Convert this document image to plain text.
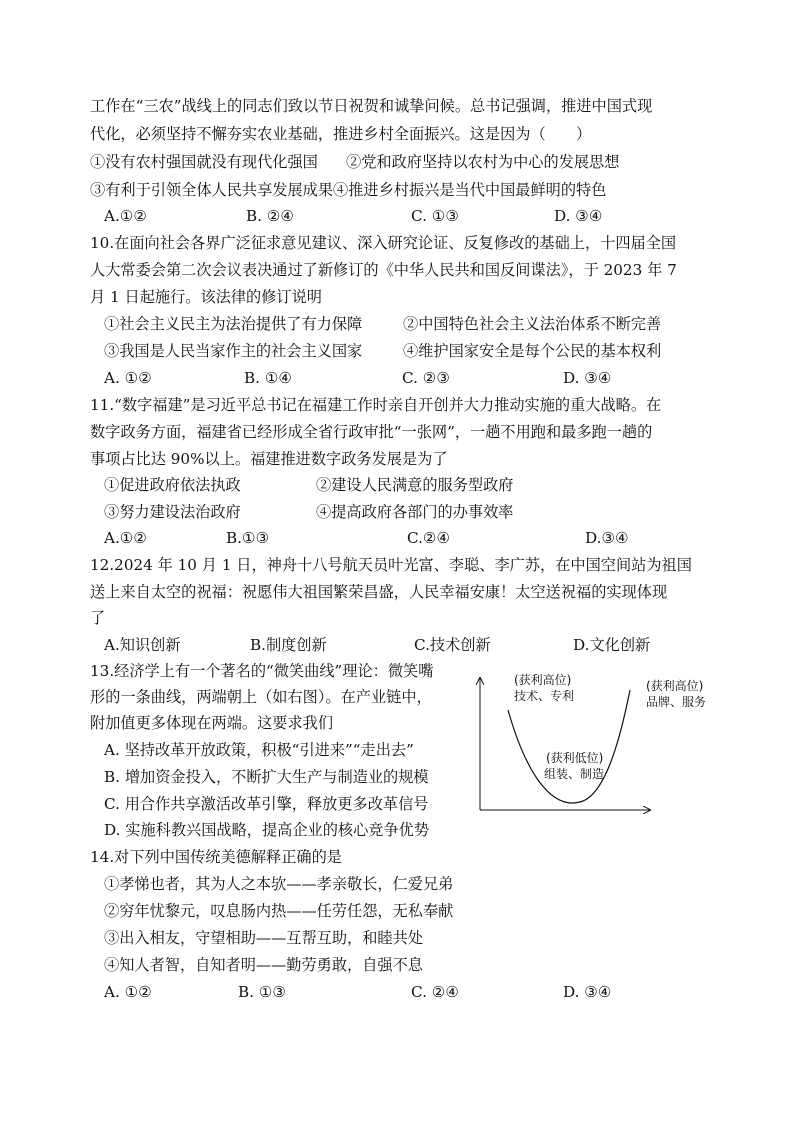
工作在“三农”战线上的同志们致以节日祝贺和诚挚问候。总书记强调，推进中国式现
代化，必须坚持不懈夯实农业基础，推进乡村全面振兴。这是因为（　　）
①没有农村强国就没有现代化强国 ②党和政府坚持以农村为中心的发展思想
③有利于引领全体人民共享发展成果④推进乡村振兴是当代中国最鲜明的特色
A.①②	B. ②④	C. ①③	D. ③④
10.在面向社会各界广泛征求意见建议、深入研究论证、反复修改的基础上，十四届全国
人大常委会第二次会议表决通过了新修订的《中华人民共和国反间谍法》，于 2023 年 7
月 1 日起施行。该法律的修订说明
①社会主义民主为法治提供了有力保障	②中国特色社会主义法治体系不断完善
③我国是人民当家作主的社会主义国家	④维护国家安全是每个公民的基本权利
A. ①②	B. ①④	C. ②③	D. ③④
11.“数字福建”是习近平总书记在福建工作时亲自开创并大力推动实施的重大战略。在
数字政务方面，福建省已经形成全省行政审批“一张网”，一趟不用跑和最多跑一趟的
事项占比达 90%以上。福建推进数字政务发展是为了
①促进政府依法执政	②建设人民满意的服务型政府
③努力建设法治政府	④提高政府各部门的办事效率
A.①②	B.①③	C.②④	D.③④
12.2024 年 10 月 1 日，神舟十八号航天员叶光富、李聪、李广苏，在中国空间站为祖国
送上来自太空的祝福：祝愿伟大祖国繁荣昌盛，人民幸福安康！太空送祝福的实现体现
了
A.知识创新	B.制度创新	C.技术创新	D.文化创新
13.经济学上有一个著名的“微笑曲线”理论：微笑嘴
形的一条曲线，两端朝上（如右图）。在产业链中，
附加值更多体现在两端。这要求我们
A. 坚持改革开放政策，积极“引进来”“走出去”
B. 增加资金投入，不断扩大生产与制造业的规模
C. 用合作共享激活改革引擎，释放更多改革信号
D. 实施科教兴国战略，提高企业的核心竞争优势
(获利高位)
技术、专利
(获利高位)
品牌、服务
(获利低位)
组装、制造
14.对下列中国传统美德解释正确的是
①孝悌也者，其为人之本欤——孝亲敬长，仁爱兄弟
②穷年忧黎元，叹息肠内热——任劳任怨，无私奉献
③出入相友，守望相助——互帮互助，和睦共处
④知人者智，自知者明——勤劳勇敢，自强不息
A. ①②	B. ①③	C. ②④	D. ③④
